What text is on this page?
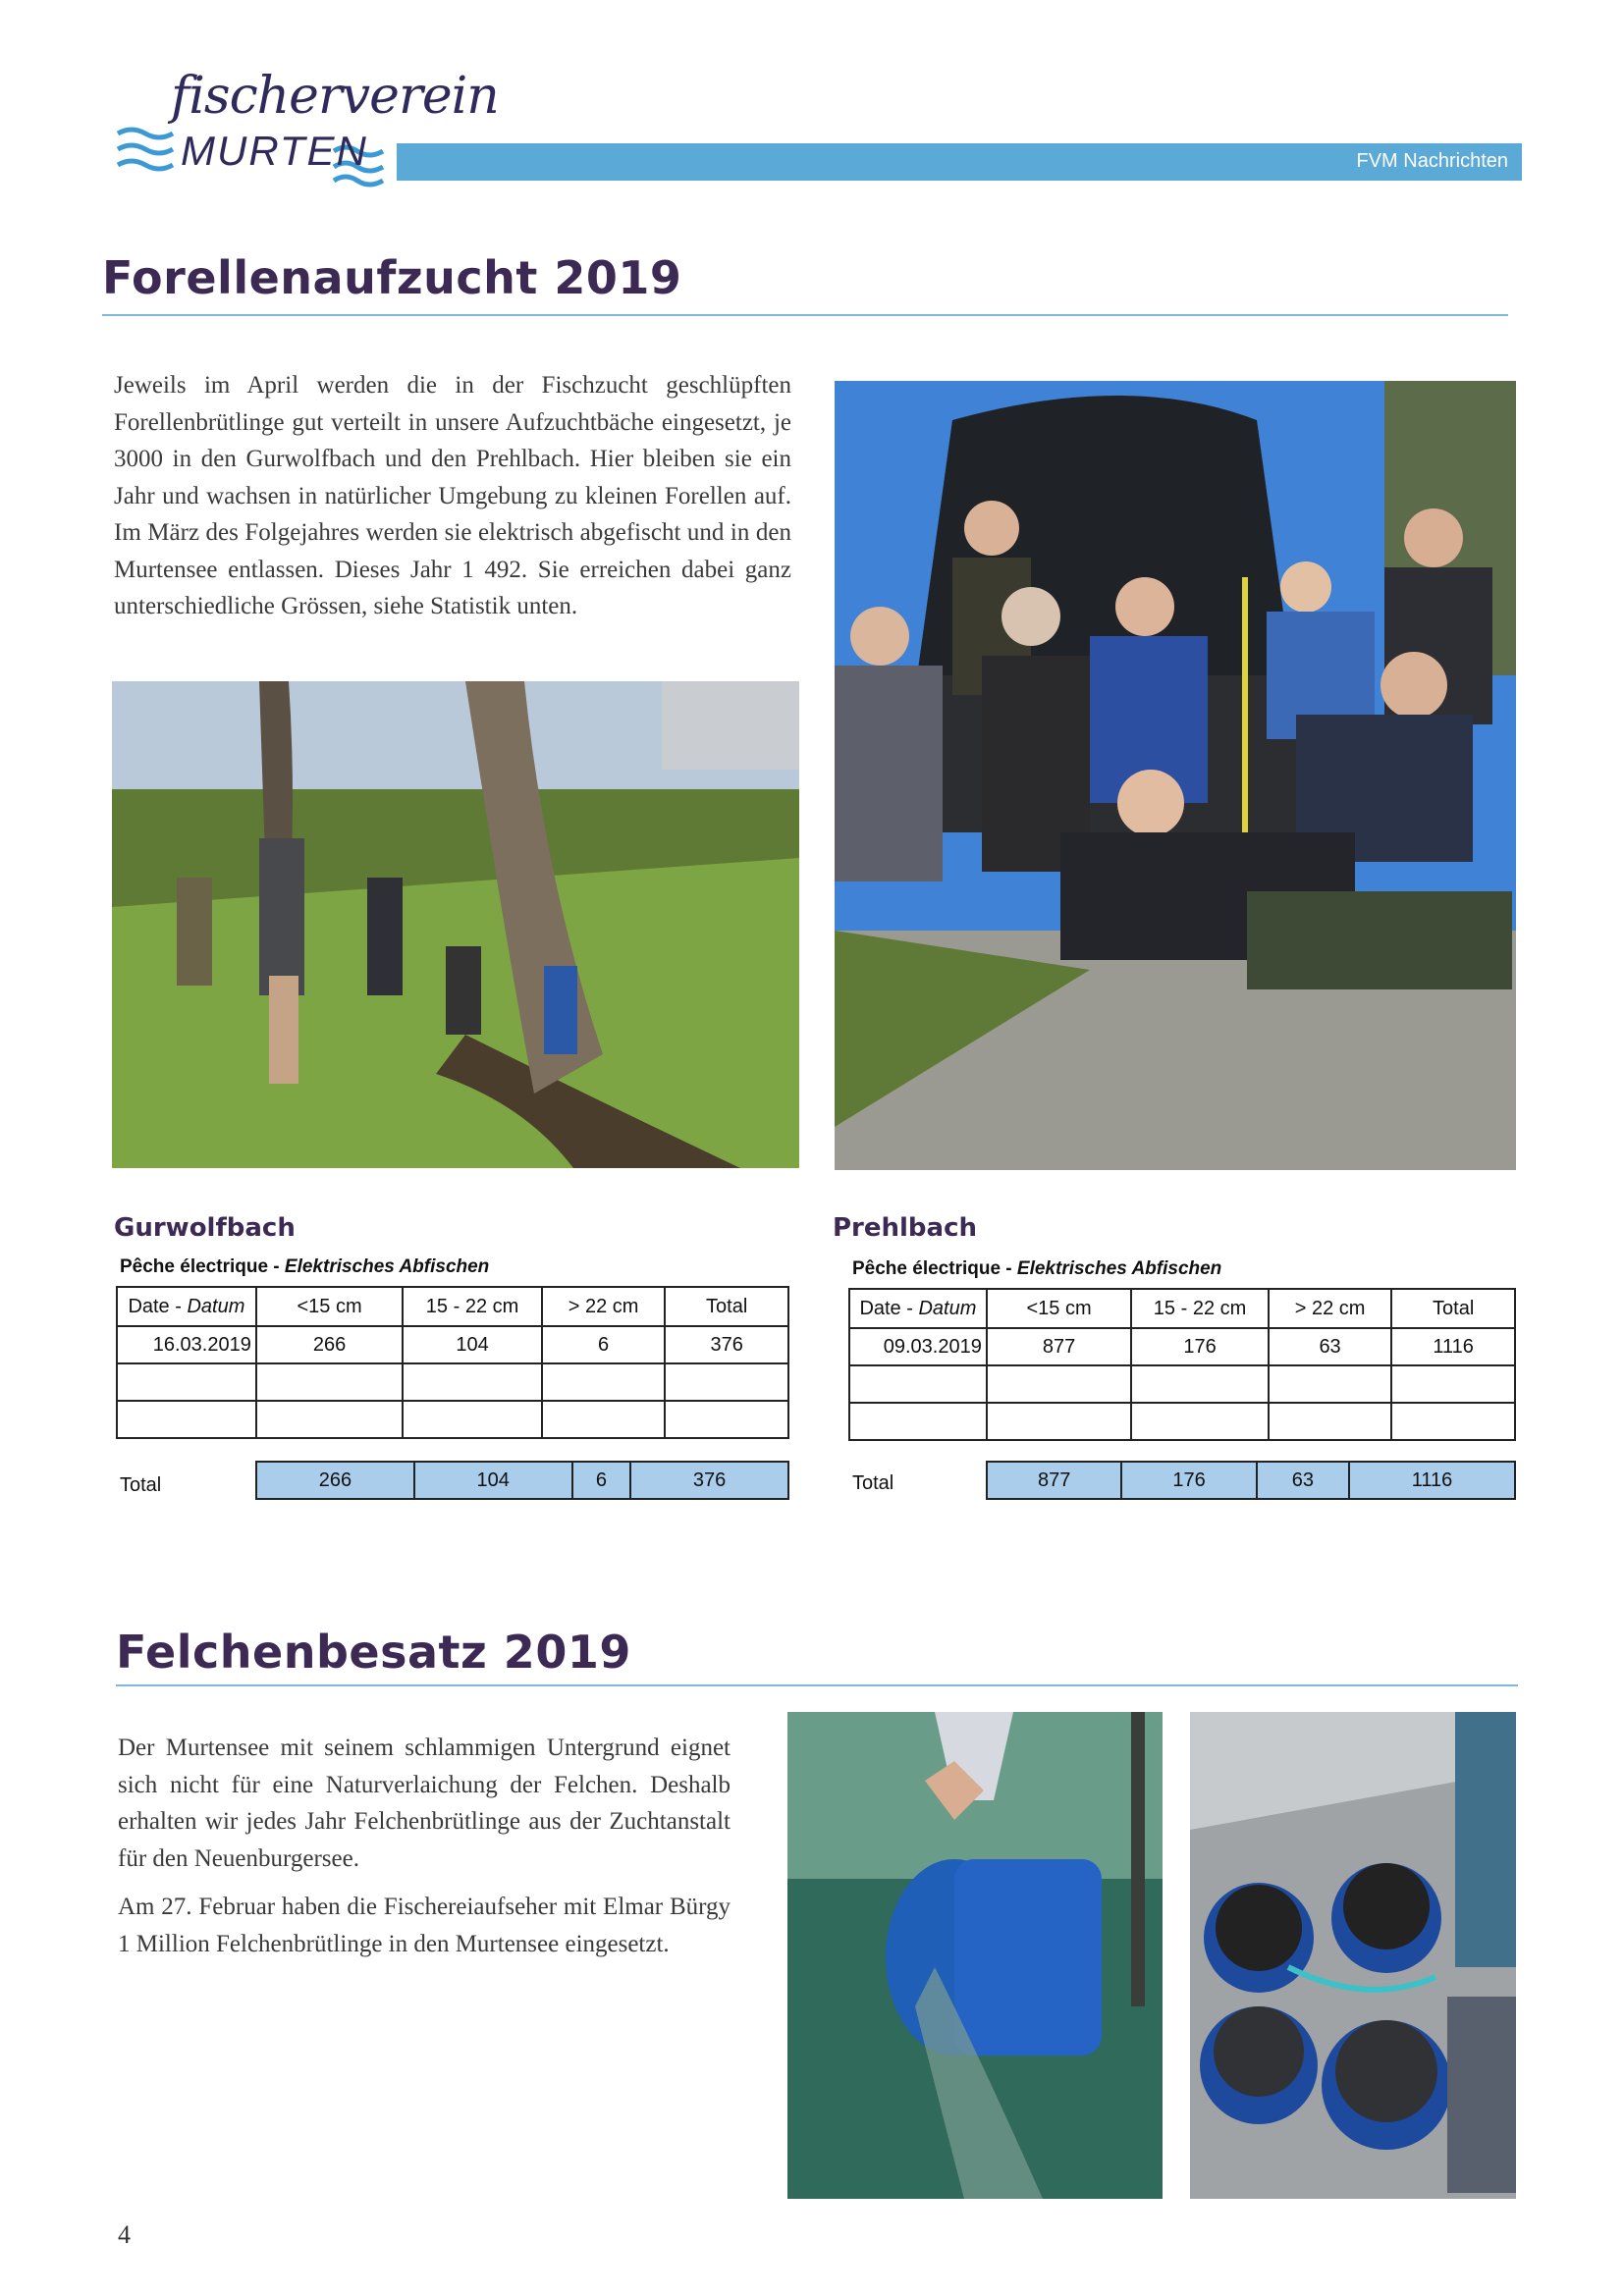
fischerverein
MURTEN	FVM Nachrichten
Forellenaufzucht 2019

Jeweils im April werden die in der Fischzucht geschlüpften Forellenbrütlinge gut verteilt in unsere Aufzuchtbäche eingesetzt, je 3000 in den Gurwolfbach und den Prehlbach. Hier bleiben sie ein Jahr und wachsen in natürlicher Umgebung zu kleinen Forellen auf. Im März des Folgejahres werden sie elektrisch abgefischt und in den Murtensee entlassen. Dieses Jahr 1 492. Sie erreichen dabei ganz unterschiedliche Grössen, siehe Statistik unten.

Gurwolfbach
Pêche électrique - Elektrisches Abfischen
Date - Datum	<15 cm	15 - 22 cm	> 22 cm	Total
16.03.2019	266	104	6	376

Total	266	104	6	376
Prehlbach
Pêche électrique - Elektrisches Abfischen
Date - Datum	<15 cm	15 - 22 cm	> 22 cm	Total
09.03.2019	877	176	63	1116

Total	877	176	63	1116
Felchenbesatz 2019

Der Murtensee mit seinem schlammigen Untergrund eignet sich nicht für eine Naturverlaichung der Felchen. Deshalb erhalten wir jedes Jahr Felchenbrütlinge aus der Zuchtanstalt für den Neuenburgersee.

Am 27. Februar haben die Fischereiaufseher mit Elmar Bürgy 1 Million Felchenbrütlinge in den Murtensee eingesetzt.

4
